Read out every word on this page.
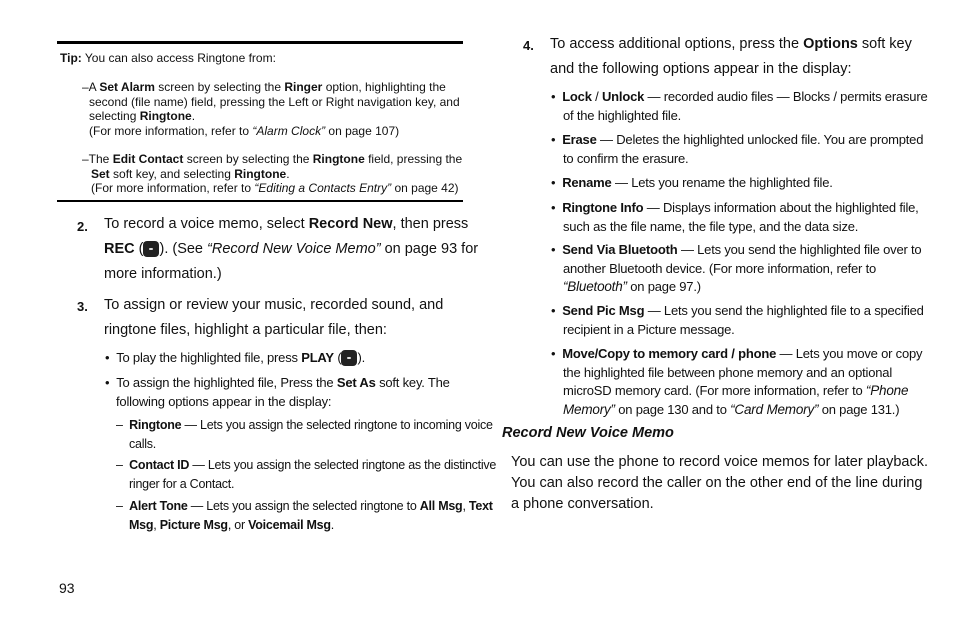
Tip: You can also access Ringtone from:
–A Set Alarm screen by selecting the Ringer option, highlighting the
second (file name) field, pressing the Left or Right navigation key, and
selecting Ringtone.
(For more information, refer to “Alarm Clock” on page 107)
–The Edit Contact screen by selecting the Ringtone field, pressing the
Set soft key, and selecting Ringtone.
(For more information, refer to “Editing a Contacts Entry” on page 42)
2. To record a voice memo, select Record New, then press
REC ( ). (See “Record New Voice Memo” on page 93 for
more information.)
3. To assign or review your music, recorded sound, and
ringtone files, highlight a particular file, then:
•  To play the highlighted file, press PLAY ( ).
•  To assign the highlighted file, Press the Set As soft key. The
following options appear in the display:
–  Ringtone — Lets you assign the selected ringtone to incoming voice
calls.
–  Contact ID — Lets you assign the selected ringtone as the distinctive
ringer for a Contact.
–  Alert Tone — Lets you assign the selected ringtone to All Msg, Text
Msg, Picture Msg, or Voicemail Msg.
93
4. To access additional options, press the Options soft key
and the following options appear in the display:
•  Lock / Unlock — recorded audio files — Blocks / permits erasure
of the highlighted file.
•  Erase — Deletes the highlighted unlocked file. You are prompted
to confirm the erasure.
•  Rename — Lets you rename the highlighted file.
•  Ringtone Info — Displays information about the highlighted file,
such as the file name, the file type, and the data size.
•  Send Via Bluetooth — Lets you send the highlighted file over to
another Bluetooth device. (For more information, refer to
“Bluetooth” on page 97.)
•  Send Pic Msg — Lets you send the highlighted file to a specified
recipient in a Picture message.
•  Move/Copy to memory card / phone — Lets you move or copy
the highlighted file between phone memory and an optional
microSD memory card. (For more information, refer to “Phone
Memory” on page 130 and to “Card Memory” on page 131.)
Record New Voice Memo
You can use the phone to record voice memos for later playback.
You can also record the caller on the other end of the line during
a phone conversation.
